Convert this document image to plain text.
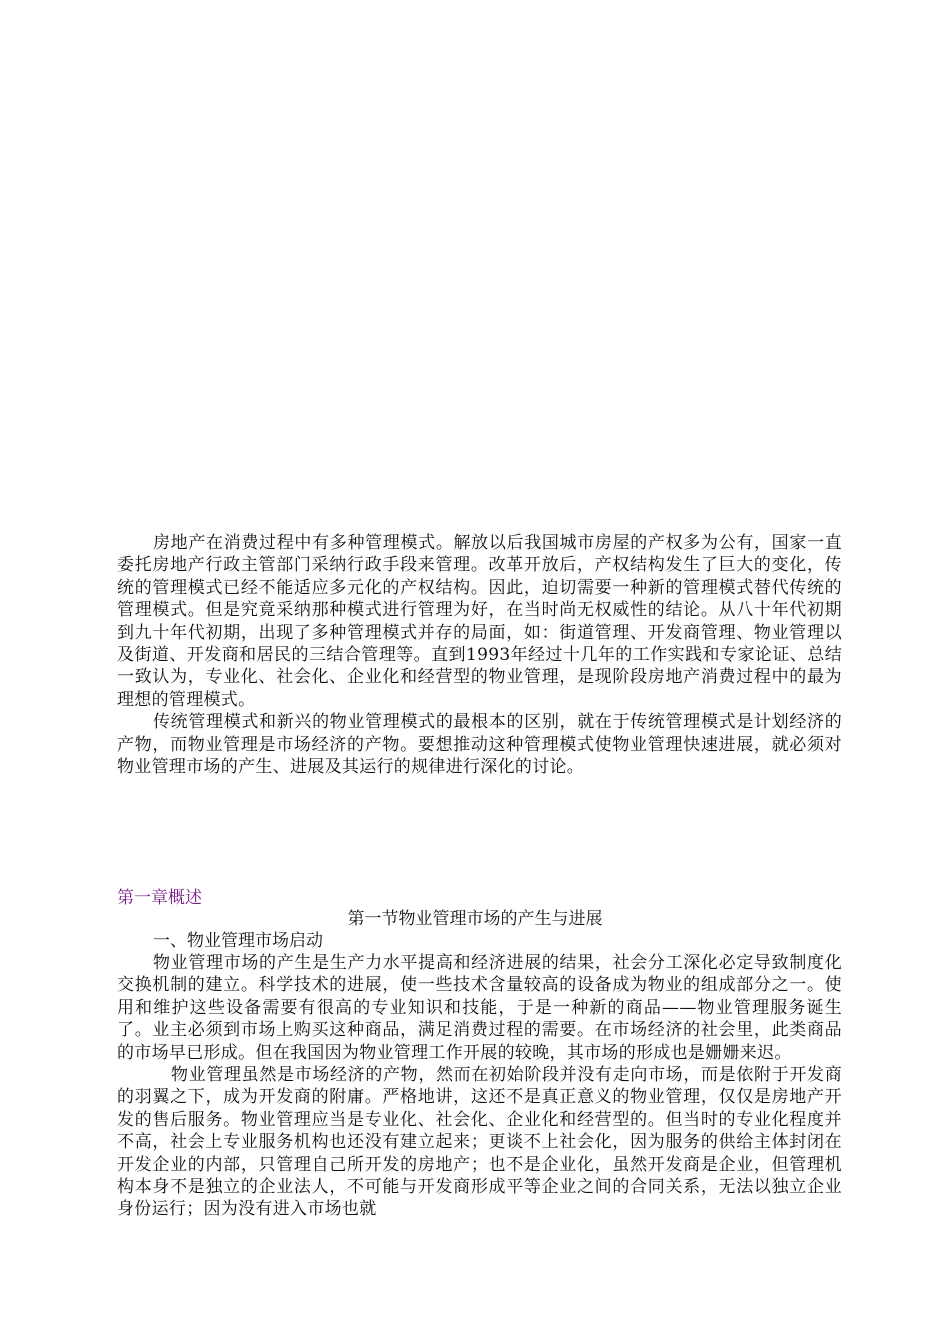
房地产在消费过程中有多种管理模式。解放以后我国城市房屋的产权多为公有，国家一直委托房地产行政主管部门采纳行政手段来管理。改革开放后，产权结构发生了巨大的变化，传统的管理模式已经不能适应多元化的产权结构。因此，迫切需要一种新的管理模式替代传统的管理模式。但是究竟采纳那种模式进行管理为好，在当时尚无权威性的结论。从八十年代初期到九十年代初期，出现了多种管理模式并存的局面，如：街道管理、开发商管理、物业管理以及街道、开发商和居民的三结合管理等。直到1993年经过十几年的工作实践和专家论证、总结一致认为，专业化、社会化、企业化和经营型的物业管理，是现阶段房地产消费过程中的最为理想的管理模式。

传统管理模式和新兴的物业管理模式的最根本的区别，就在于传统管理模式是计划经济的产物，而物业管理是市场经济的产物。要想推动这种管理模式使物业管理快速进展，就必须对物业管理市场的产生、进展及其运行的规律进行深化的讨论。

第一章概述

第一节物业管理市场的产生与进展

一、物业管理市场启动

物业管理市场的产生是生产力水平提高和经济进展的结果，社会分工深化必定导致制度化交换机制的建立。科学技术的进展，使一些技术含量较高的设备成为物业的组成部分之一。使用和维护这些设备需要有很高的专业知识和技能，于是一种新的商品——物业管理服务诞生了。业主必须到市场上购买这种商品，满足消费过程的需要。在市场经济的社会里，此类商品的市场早已形成。但在我国因为物业管理工作开展的较晚，其市场的形成也是姗姗来迟。

物业管理虽然是市场经济的产物，然而在初始阶段并没有走向市场，而是依附于开发商的羽翼之下，成为开发商的附庸。严格地讲，这还不是真正意义的物业管理，仅仅是房地产开发的售后服务。物业管理应当是专业化、社会化、企业化和经营型的。但当时的专业化程度并不高，社会上专业服务机构也还没有建立起来；更谈不上社会化，因为服务的供给主体封闭在开发企业的内部，只管理自己所开发的房地产；也不是企业化，虽然开发商是企业，但管理机构本身不是独立的企业法人，不可能与开发商形成平等企业之间的合同关系，无法以独立企业身份运行；因为没有进入市场也就
